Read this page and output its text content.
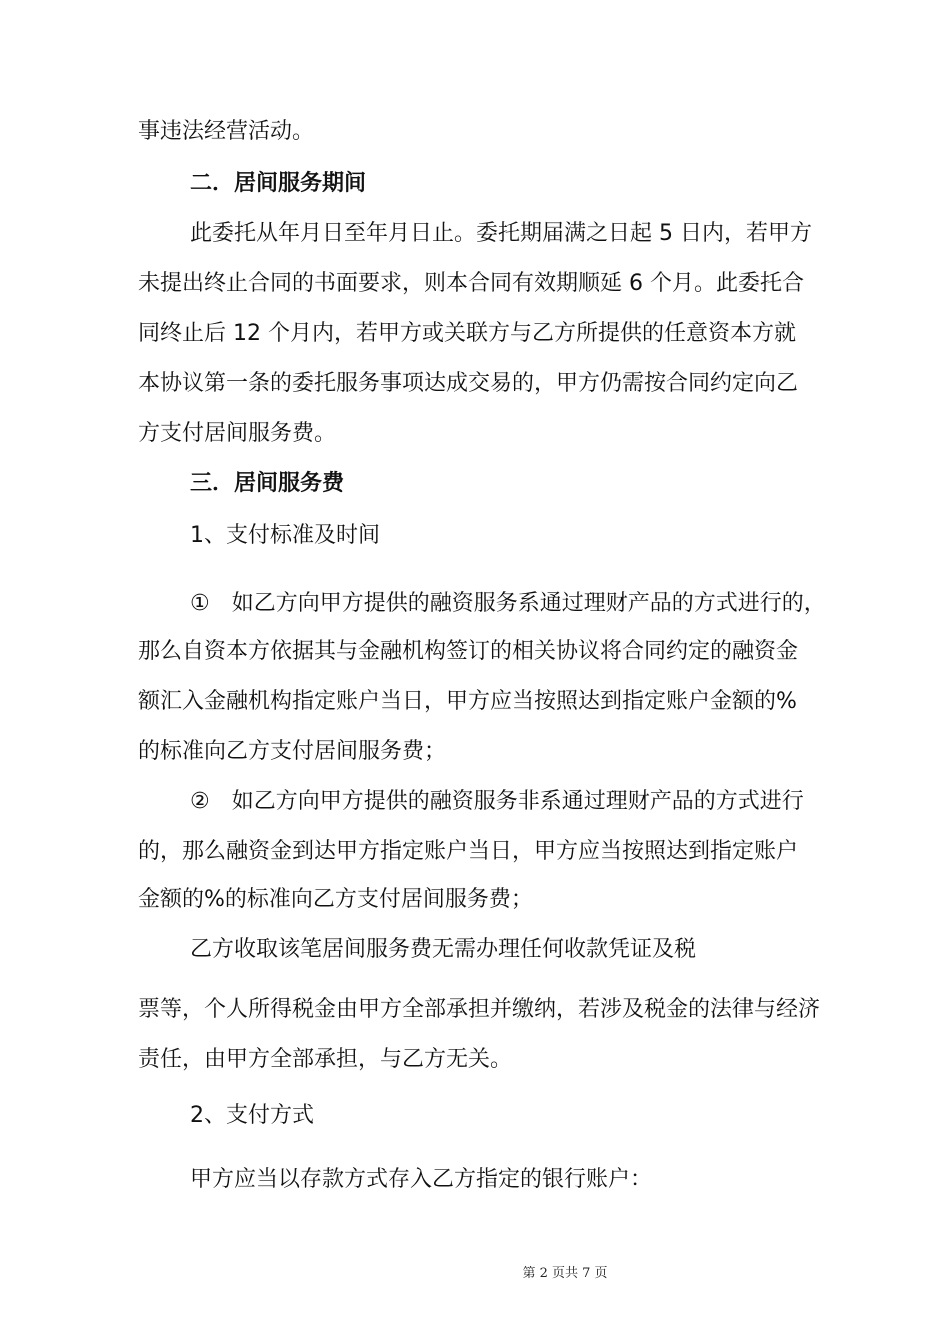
事违法经营活动。
二．居间服务期间
此委托从年月日至年月日止。委托期届满之日起 5 日内，若甲方
未提出终止合同的书面要求，则本合同有效期顺延 6 个月。此委托合
同终止后 12 个月内，若甲方或关联方与乙方所提供的任意资本方就
本协议第一条的委托服务事项达成交易的，甲方仍需按合同约定向乙
方支付居间服务费。
三．居间服务费
1、支付标准及时间
①　如乙方向甲方提供的融资服务系通过理财产品的方式进行的，
那么自资本方依据其与金融机构签订的相关协议将合同约定的融资金
额汇入金融机构指定账户当日，甲方应当按照达到指定账户金额的%
的标准向乙方支付居间服务费；
②　如乙方向甲方提供的融资服务非系通过理财产品的方式进行
的，那么融资金到达甲方指定账户当日，甲方应当按照达到指定账户
金额的%的标准向乙方支付居间服务费；
乙方收取该笔居间服务费无需办理任何收款凭证及税
票等，个人所得税金由甲方全部承担并缴纳，若涉及税金的法律与经济
责任，由甲方全部承担，与乙方无关。
2、支付方式
甲方应当以存款方式存入乙方指定的银行账户：
第 2 页共 7 页
